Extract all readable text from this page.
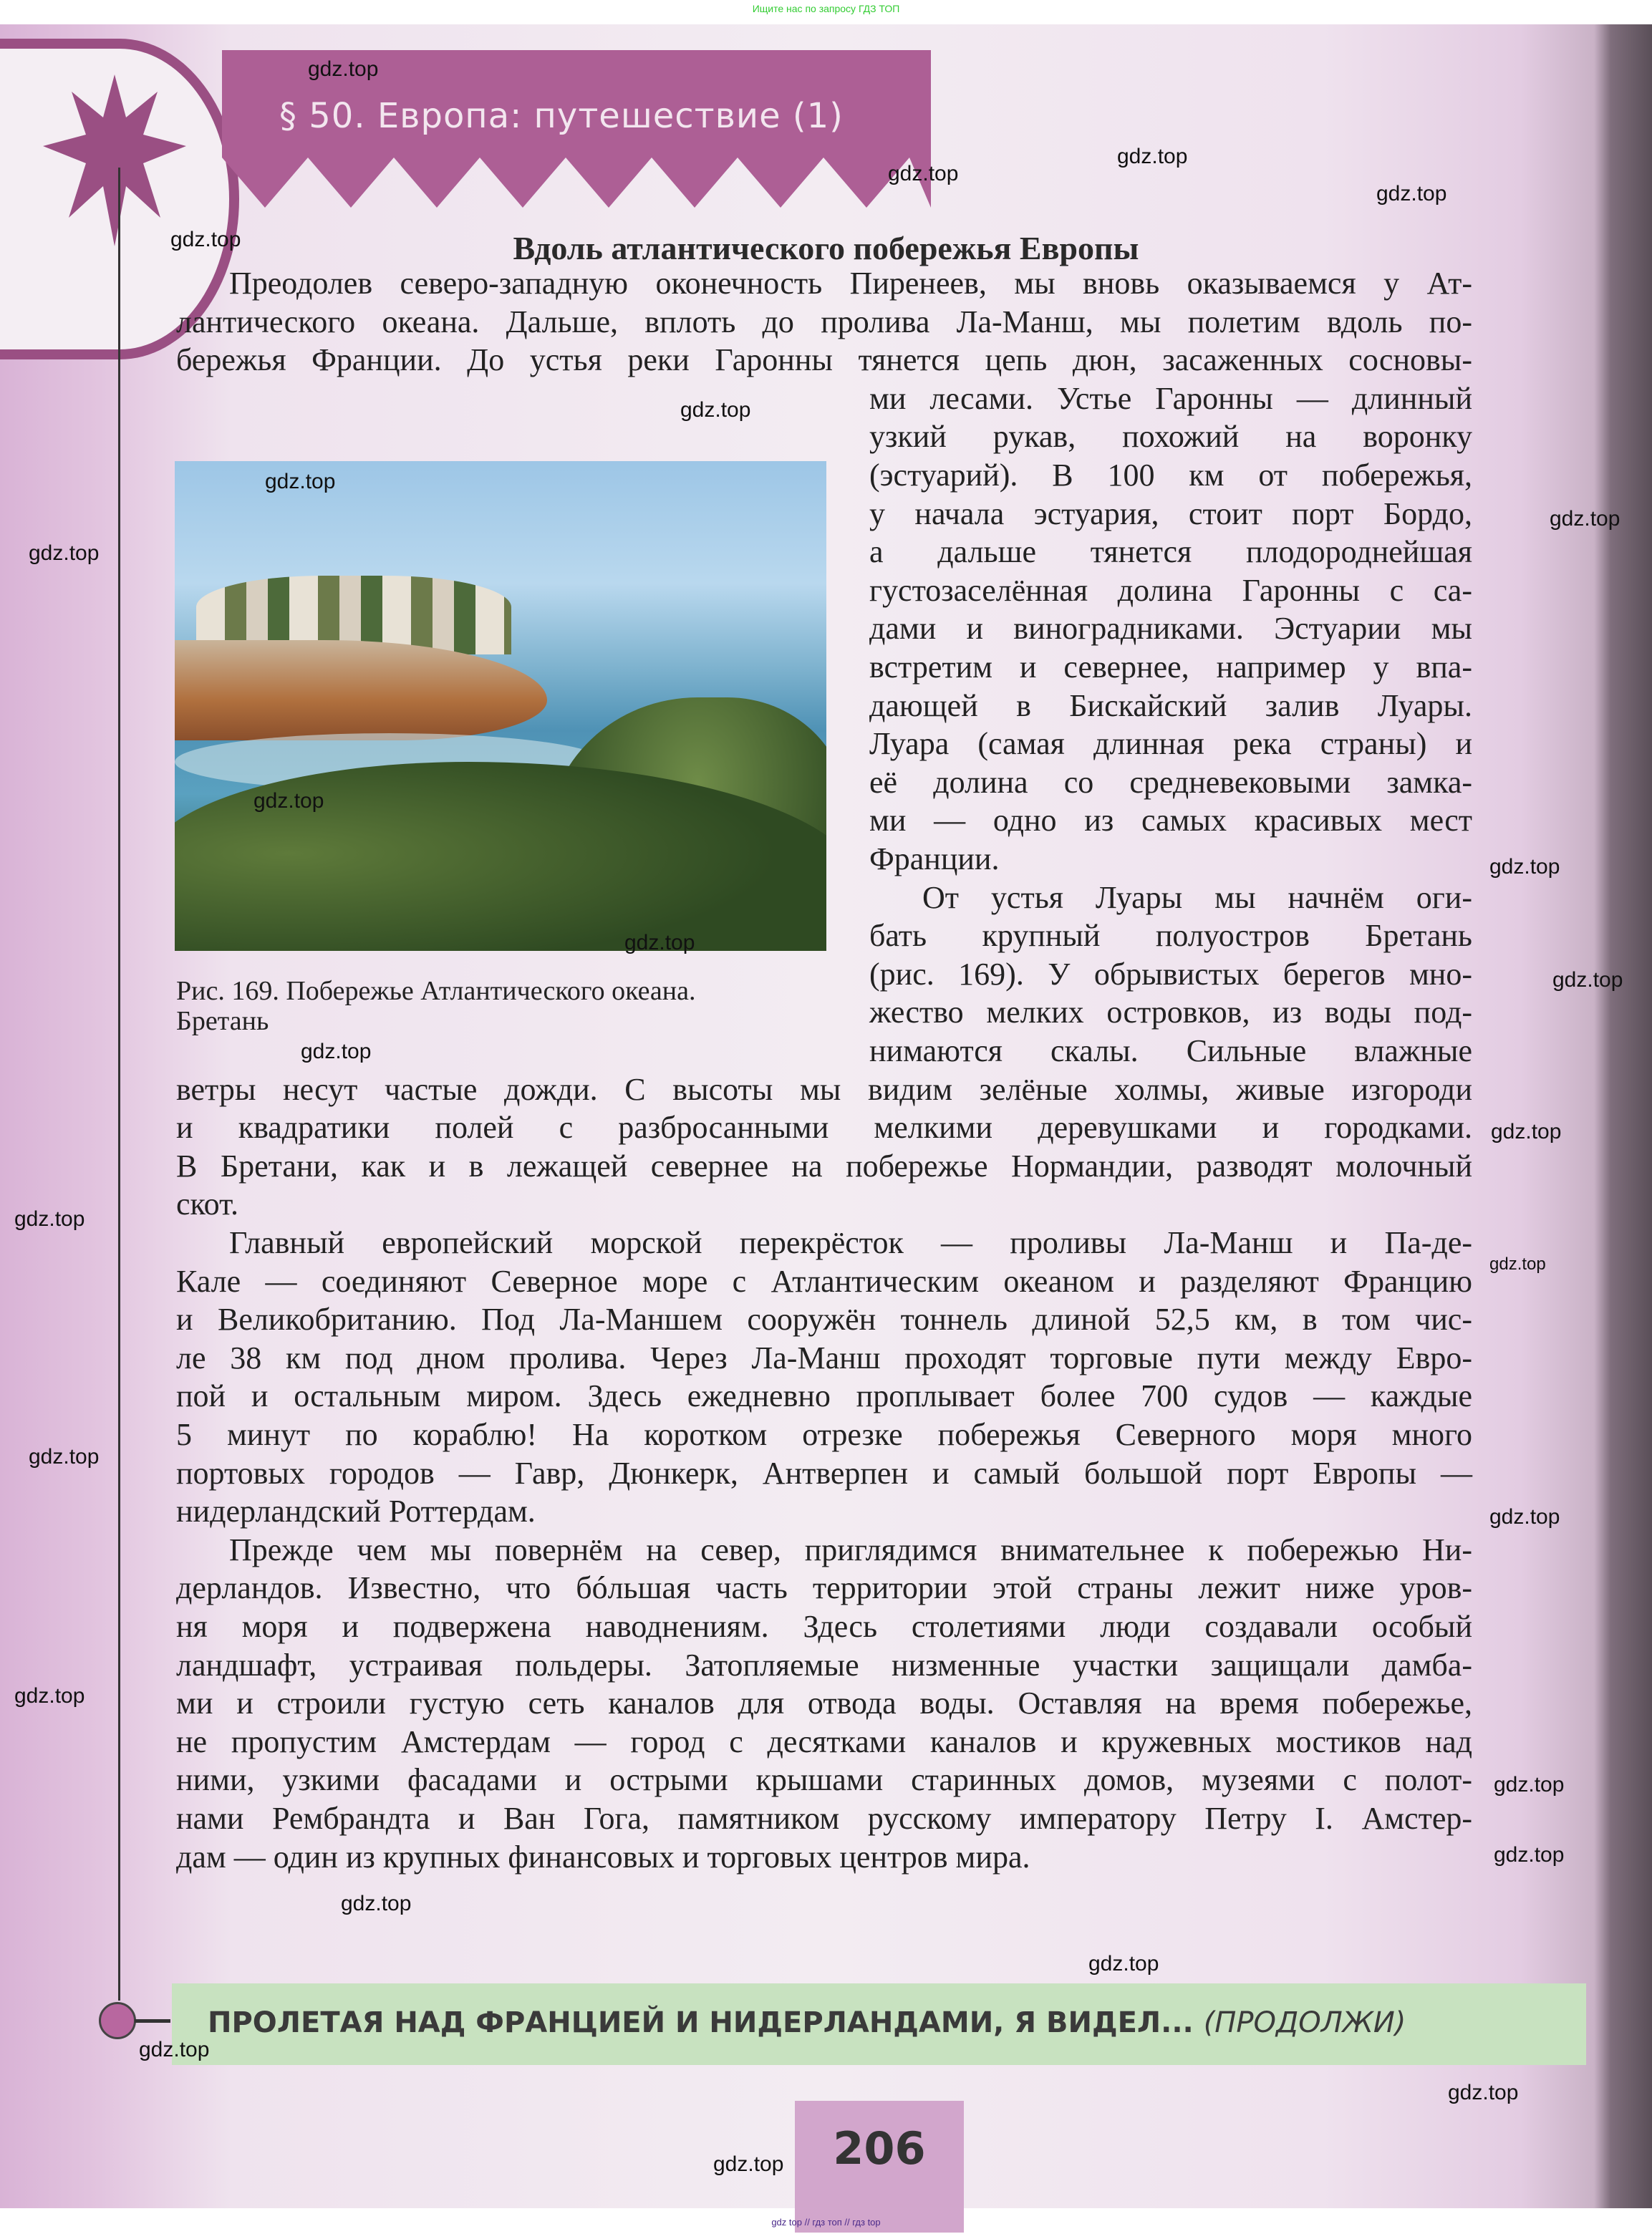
Ищите нас по запросу ГДЗ ТОП
§ 50. Европа: путешествие (1)
Вдоль атлантического побережья Европы
Рис. 169. Побережье Атлантического океана.
Бретань
Преодолев северо-западную оконечность Пиренеев, мы вновь оказываемся у Ат-
лантического океана. Дальше, вплоть до пролива Ла-Манш, мы полетим вдоль по-
бережья Франции. До устья реки Гаронны тянется цепь дюн, засаженных сосновы-
ми лесами. Устье Гаронны — длинный
узкий рукав, похожий на воронку
(эстуарий). В 100 км от побережья,
у начала эстуария, стоит порт Бордо,
а дальше тянется плодороднейшая
густозаселённая долина Гаронны с са-
дами и виноградниками. Эстуарии мы
встретим и севернее, например у впа-
дающей в Бискайский залив Луары.
Луара (самая длинная река страны) и
её долина со средневековыми замка-
ми — одно из самых красивых мест
Франции.
От устья Луары мы начнём оги-
бать крупный полуостров Бретань
(рис. 169). У обрывистых берегов мно-
жество мелких островков, из воды под-
нимаются скалы. Сильные влажные
ветры несут частые дожди. С высоты мы видим зелёные холмы, живые изгороди
и квадратики полей с разбросанными мелкими деревушками и городками.
В Бретани, как и в лежащей севернее на побережье Нормандии, разводят молочный
скот.
Главный европейский морской перекрёсток — проливы Ла-Манш и Па-де-
Кале — соединяют Северное море с Атлантическим океаном и разделяют Францию
и Великобританию. Под Ла-Маншем сооружён тоннель длиной 52,5 км, в том чис-
ле 38 км под дном пролива. Через Ла-Манш проходят торговые пути между Евро-
пой и остальным миром. Здесь ежедневно проплывает более 700 судов — каждые
5 минут по кораблю! На коротком отрезке побережья Северного моря много
портовых городов — Гавр, Дюнкерк, Антверпен и самый большой порт Европы —
нидерландский Роттердам.
Прежде чем мы повернём на север, приглядимся внимательнее к побережью Ни-
дерландов. Известно, что бóльшая часть территории этой страны лежит ниже уров-
ня моря и подвержена наводнениям. Здесь столетиями люди создавали особый
ландшафт, устраивая польдеры. Затопляемые низменные участки защищали дамба-
ми и строили густую сеть каналов для отвода воды. Оставляя на время побережье,
не пропустим Амстердам — город с десятками каналов и кружевных мостиков над
ними, узкими фасадами и острыми крышами старинных домов, музеями с полот-
нами Рембрандта и Ван Гога, памятником русскому императору Петру I. Амстер-
дам — один из крупных финансовых и торговых центров мира.
ПРОЛЕТАЯ НАД ФРАНЦИЕЙ И НИДЕРЛАНДАМИ, Я ВИДЕЛ... (ПРОДОЛЖИ)
206
gdz.top
gdz.top
gdz.top
gdz.top
gdz.top
gdz.top
gdz.top
gdz.top
gdz.top
gdz.top
gdz.top
gdz.top
gdz.top
gdz.top
gdz.top
gdz.top
gdz.top
gdz.top
gdz.top
gdz.top
gdz.top
gdz.top
gdz.top
gdz.top
gdz.top
gdz.top
gdz.top
gdz top // гдз топ // гдз top
